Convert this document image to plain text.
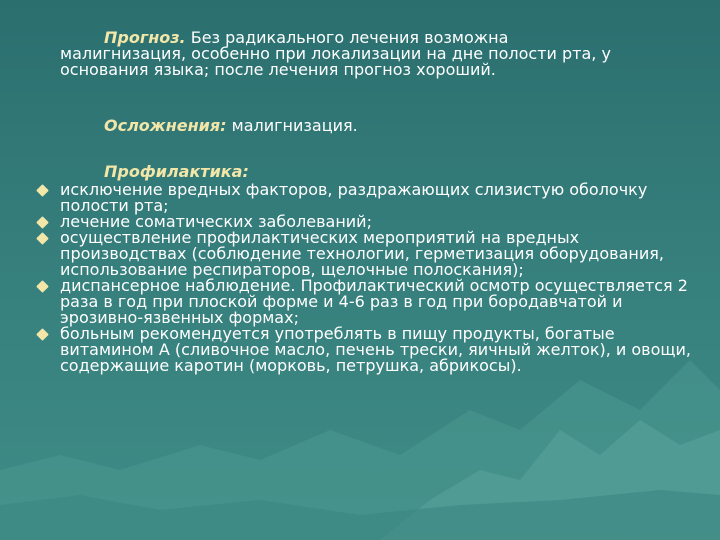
Прогноз. Без радикального лечения возможна
малигнизация, особенно при локализации на дне полости рта, у основания языка; после лечения прогноз хороший.
Осложнения: малигнизация.
Профилактика:
исключение вредных факторов, раздражающих слизистую оболочку полости рта;
лечение соматических заболеваний;
осуществление профилактических мероприятий на вредных производствах (соблюдение технологии, герметизация оборудования, использование респираторов, щелочные полоскания);
диспансерное наблюдение. Профилактический осмотр осуществляется 2 раза в год при плоской форме и 4-6 раз в год при бородавчатой и эрозивно-язвенных формах;
больным рекомендуется употреблять в пищу продукты, богатые витамином А (сливочное масло, печень трески, яичный желток), и овощи, содержащие каротин (морковь, петрушка, абрикосы).
